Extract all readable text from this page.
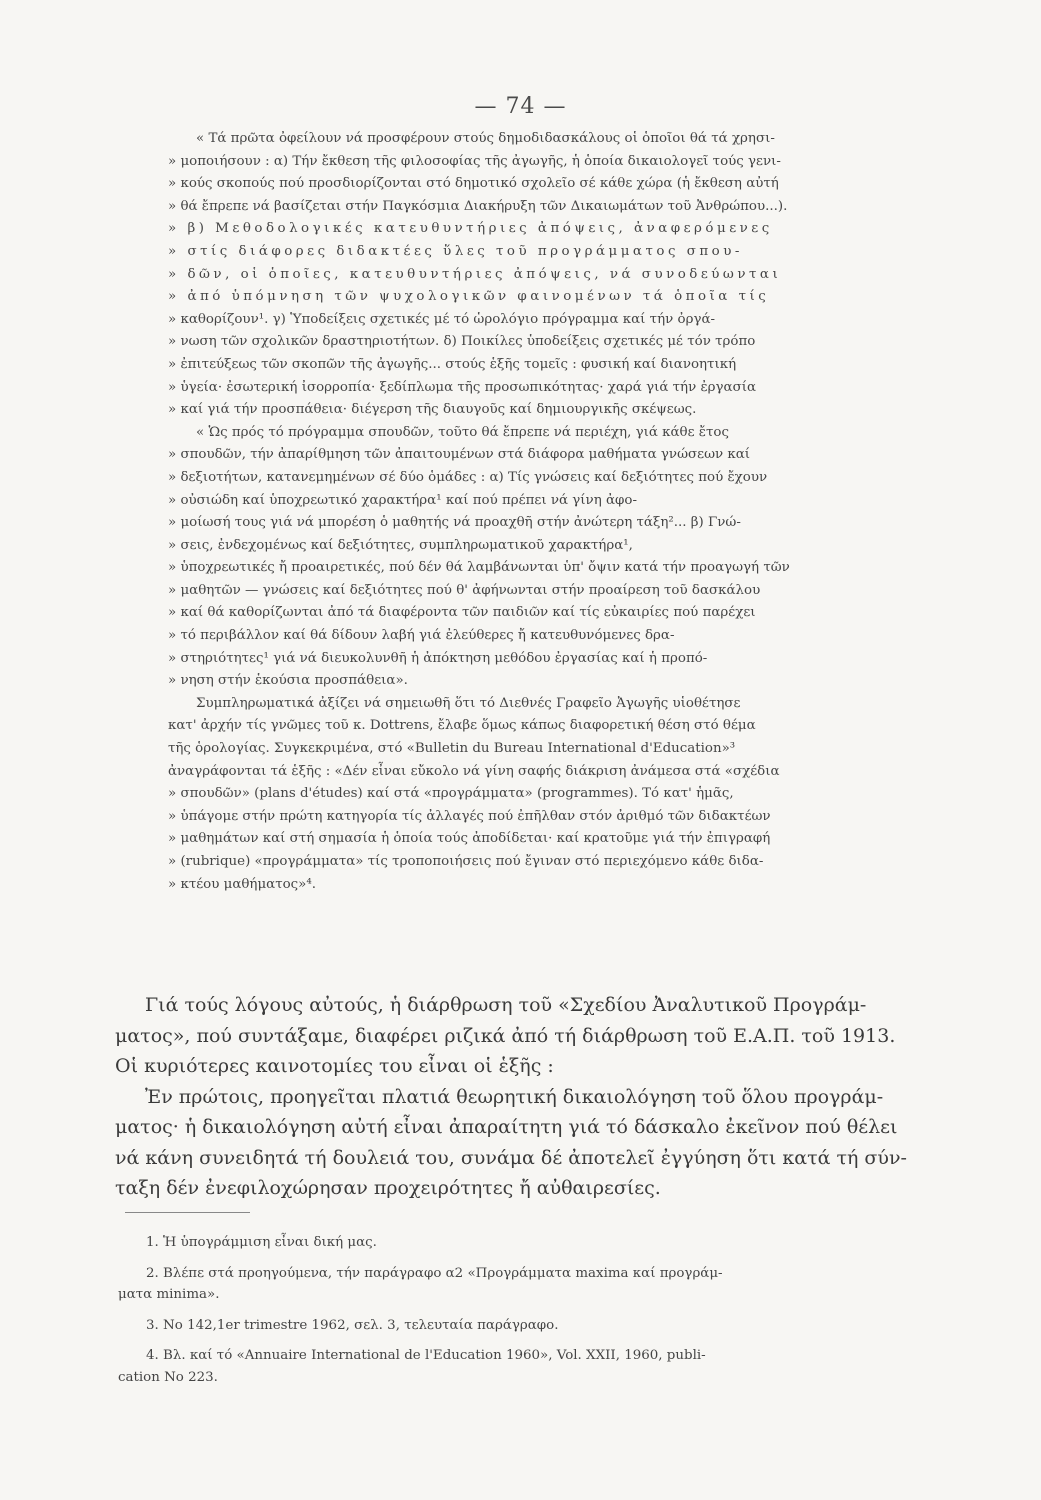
— 74 —
« Τά πρῶτα ὀφείλουν νά προσφέρουν στούς δημοδιδασκάλους οἱ ὁποῖοι θά τά χρησι-
» μοποιήσουν : α) Τήν ἔκθεση τῆς φιλοσοφίας τῆς ἀγωγῆς, ἡ ὁποία δικαιολογεῖ τούς γενι-
» κούς σκοπούς πού προσδιορίζονται στό δημοτικό σχολεῖο σέ κάθε χώρα (ἡ ἔκθεση αὐτή
» θά ἔπρεπε νά βασίζεται στήν Παγκόσμια Διακήρυξη τῶν Δικαιωμάτων τοῦ Ἀνθρώπου...).
» β) Μεθοδολογικές κατευθυντήριες ἀπόψεις, ἀναφερόμενες
» στίς διάφορες διδακτέες ὕλες τοῦ προγράμματος σπου-
» δῶν, οἱ ὁποῖες, κατευθυντήριες ἀπόψεις, νά συνοδεύωνται
» ἀπό ὑπόμνηση τῶν ψυχολογικῶν φαινομένων τά ὁποῖα τίς
» καθορίζουν¹. γ) Ὑποδείξεις σχετικές μέ τό ὡρολόγιο πρόγραμμα καί τήν ὀργά-
» νωση τῶν σχολικῶν δραστηριοτήτων. δ) Ποικίλες ὑποδείξεις σχετικές μέ τόν τρόπο
» ἐπιτεύξεως τῶν σκοπῶν τῆς ἀγωγῆς... στούς ἑξῆς τομεῖς : φυσική καί διανοητική
» ὑγεία· ἐσωτερική ἰσορροπία· ξεδίπλωμα τῆς προσωπικότητας· χαρά γιά τήν ἐργασία
» καί γιά τήν προσπάθεια· διέγερση τῆς διαυγοῦς καί δημιουργικῆς σκέψεως.
« Ὡς πρός τό πρόγραμμα σπουδῶν, τοῦτο θά ἔπρεπε νά περιέχη, γιά κάθε ἔτος
» σπουδῶν, τήν ἀπαρίθμηση τῶν ἀπαιτουμένων στά διάφορα μαθήματα γνώσεων καί
» δεξιοτήτων, κατανεμημένων σέ δύο ὁμάδες : α) Τίς γνώσεις καί δεξιότητες πού ἔχουν
» οὐσιώδη καί ὑποχρεωτικό χαρακτήρα¹ καί πού πρέπει νά γίνη ἀφο-
» μοίωσή τους γιά νά μπορέση ὁ μαθητής νά προαχθῆ στήν ἀνώτερη τάξη²... β) Γνώ-
» σεις, ἐνδεχομένως καί δεξιότητες, συμπληρωματικοῦ χαρακτήρα¹,
» ὑποχρεωτικές ἤ προαιρετικές, πού δέν θά λαμβάνωνται ὑπ' ὄψιν κατά τήν προαγωγή τῶν
» μαθητῶν — γνώσεις καί δεξιότητες πού θ' ἀφήνωνται στήν προαίρεση τοῦ δασκάλου
» καί θά καθορίζωνται ἀπό τά διαφέροντα τῶν παιδιῶν καί τίς εὐκαιρίες πού παρέχει
» τό περιβάλλον καί θά δίδουν λαβή γιά ἐλεύθερες ἤ κατευθυνόμενες δρα-
» στηριότητες¹ γιά νά διευκολυνθῆ ἡ ἀπόκτηση μεθόδου ἐργασίας καί ἡ προπό-
» νηση στήν ἑκούσια προσπάθεια».
Συμπληρωματικά ἀξίζει νά σημειωθῆ ὅτι τό Διεθνές Γραφεῖο Ἀγωγῆς υἱοθέτησε
κατ' ἀρχήν τίς γνῶμες τοῦ κ. Dottrens, ἔλαβε ὅμως κάπως διαφορετική θέση στό θέμα
τῆς ὁρολογίας. Συγκεκριμένα, στό «Bulletin du Bureau International d'Education»³
ἀναγράφονται τά ἑξῆς : «Δέν εἶναι εὔκολο νά γίνη σαφής διάκριση ἀνάμεσα στά «σχέδια
» σπουδῶν» (plans d'études) καί στά «προγράμματα» (programmes). Τό κατ' ἡμᾶς,
» ὑπάγομε στήν πρώτη κατηγορία τίς ἀλλαγές πού ἐπῆλθαν στόν ἀριθμό τῶν διδακτέων
» μαθημάτων καί στή σημασία ἡ ὁποία τούς ἀποδίδεται· καί κρατοῦμε γιά τήν ἐπιγραφή
» (rubrique) «προγράμματα» τίς τροποποιήσεις πού ἔγιναν στό περιεχόμενο κάθε διδα-
» κτέου μαθήματος»⁴.
Γιά τούς λόγους αὐτούς, ἡ διάρθρωση τοῦ «Σχεδίου Ἀναλυτικοῦ Προγράμ-
ματος», πού συντάξαμε, διαφέρει ριζικά ἀπό τή διάρθρωση τοῦ Ε.Α.Π. τοῦ 1913.
Οἱ κυριότερες καινοτομίες του εἶναι οἱ ἑξῆς :
Ἐν πρώτοις, προηγεῖται πλατιά θεωρητική δικαιολόγηση τοῦ ὅλου προγράμ-
ματος· ἡ δικαιολόγηση αὐτή εἶναι ἀπαραίτητη γιά τό δάσκαλο ἐκεῖνον πού θέλει
νά κάνη συνειδητά τή δουλειά του, συνάμα δέ ἀποτελεῖ ἐγγύηση ὅτι κατά τή σύν-
ταξη δέν ἐνεφιλοχώρησαν προχειρότητες ἤ αὐθαιρεσίες.
1. Ἡ ὑπογράμμιση εἶναι δική μας.
2. Βλέπε στά προηγούμενα, τήν παράγραφο α2 «Προγράμματα maxima καί προγράμ-
ματα minima».
3. No 142,1er trimestre 1962, σελ. 3, τελευταία παράγραφο.
4. Βλ. καί τό «Annuaire International de l'Education 1960», Vol. XXII, 1960, publi-
cation No 223.
